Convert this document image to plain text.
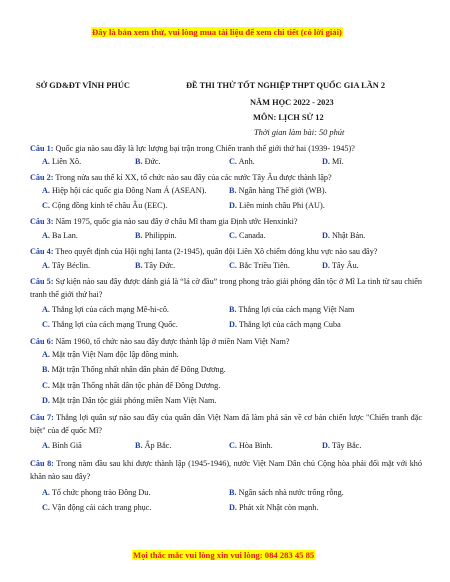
Đây là bản xem thử, vui lòng mua tài liệu để xem chi tiết (có lời giải)
SỞ GD&ĐT VĨNH PHÚC	ĐỀ THI THỬ TỐT NGHIỆP THPT QUỐC GIA LẦN 2
NĂM HỌC 2022 - 2023
MÔN: LỊCH SỬ 12
Thời gian làm bài: 50 phút
Câu 1: Quốc gia nào sau đây là lực lượng bại trận trong Chiến tranh thế giới thứ hai (1939- 1945)?
A. Liên Xô.	B. Đức.	C. Anh.	D. Mĩ.
Câu 2: Trong nửa sau thế kỉ XX, tổ chức nào sau đây của các nước Tây Âu được thành lập?
A. Hiệp hội các quốc gia Đông Nam Á (ASEAN).	B. Ngân hàng Thế giới (WB).
C. Cộng đồng kinh tế châu Âu (EEC).	D. Liên minh châu Phi (AU).
Câu 3: Năm 1975, quốc gia nào sau đây ở châu Mĩ tham gia Định ước Henxinki?
A. Ba Lan.	B. Philippin.	C. Canada.	D. Nhật Bản.
Câu 4: Theo quyết định của Hội nghị Ianta (2-1945), quân đội Liên Xô chiếm đóng khu vực nào sau đây?
A. Tây Béclin.	B. Tây Đức.	C. Bắc Triều Tiên.	D. Tây Âu.
Câu 5: Sự kiện nào sau đây được đánh giá là “lá cờ đầu” trong phong trào giải phóng dân tộc ở Mĩ La tinh từ sau chiến tranh thế giới thứ hai?
A. Thắng lợi của cách mạng Mê-hi-cô.	B. Thắng lợi của cách mạng Việt Nam
C. Thắng lợi của cách mạng Trung Quốc.	D. Thắng lợi của cách mạng Cuba
Câu 6: Năm 1960, tổ chức nào sau đây được thành lập ở miền Nam Việt Nam?
A. Mặt trận Việt Nam độc lập đồng minh.
B. Mặt trận Thống nhất nhân dân phản đế Đông Dương.
C. Mặt trận Thống nhất dân tộc phản đế Đông Dương.
D. Mặt trận Dân tộc giải phóng miền Nam Việt Nam.
Câu 7: Thắng lợi quân sự nào sau đây của quân dân Việt Nam đã làm phá sản về cơ bản chiến lược "Chiến tranh đặc biệt" của đế quốc Mĩ?
A. Bình Giã	B. Ấp Bắc.	C. Hòa Bình.	D. Tây Bắc.
Câu 8: Trong năm đầu sau khi được thành lập (1945-1946), nước Việt Nam Dân chủ Cộng hòa phải đối mặt với khó khăn nào sau đây?
A. Tổ chức phong trào Đông Du.	B. Ngân sách nhà nước trống rỗng.
C. Vận động cải cách trang phục.	D. Phát xít Nhật còn mạnh.
Mọi thắc mắc vui lòng xin vui lòng: 084 283 45 85
